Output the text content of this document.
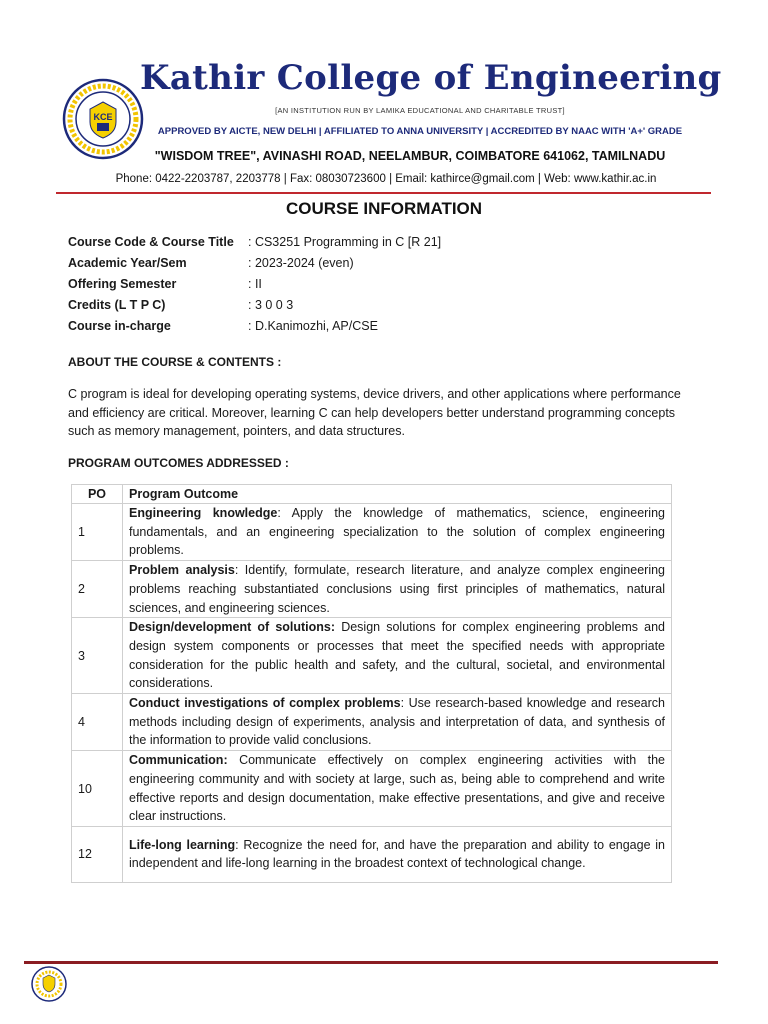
KCE
Kathir College of Engineering
[AN INSTITUTION RUN BY LAMIKA EDUCATIONAL AND CHARITABLE TRUST]
APPROVED BY AICTE, NEW DELHI | AFFILIATED TO ANNA UNIVERSITY | ACCREDITED BY NAAC WITH 'A+' GRADE
"WISDOM TREE", AVINASHI ROAD, NEELAMBUR, COIMBATORE 641062, TAMILNADU
Phone: 0422-2203787, 2203778 | Fax: 08030723600 | Email: kathirce@gmail.com | Web: www.kathir.ac.in
COURSE INFORMATION
Course Code & Course Title	: CS3251 Programming in C [R 21]
Academic Year/Sem	: 2023-2024 (even)
Offering Semester	: II
Credits (L T P C)	: 3 0 0 3
Course in-charge	: D.Kanimozhi, AP/CSE
ABOUT THE COURSE & CONTENTS :
C program is ideal for developing operating systems, device drivers, and other applications where performance and efficiency are critical. Moreover, learning C can help developers better understand programming concepts such as memory management, pointers, and data structures.
PROGRAM OUTCOMES ADDRESSED :
PO	Program Outcome
1	Engineering knowledge: Apply the knowledge of mathematics, science, engineering fundamentals, and an engineering specialization to the solution of complex engineering problems.
2	Problem analysis: Identify, formulate, research literature, and analyze complex engineering problems reaching substantiated conclusions using first principles of mathematics, natural sciences, and engineering sciences.
3	Design/development of solutions: Design solutions for complex engineering problems and design system components or processes that meet the specified needs with appropriate consideration for the public health and safety, and the cultural, societal, and environmental considerations.
4	Conduct investigations of complex problems: Use research-based knowledge and research methods including design of experiments, analysis and interpretation of data, and synthesis of the information to provide valid conclusions.
10	Communication: Communicate effectively on complex engineering activities with the engineering community and with society at large, such as, being able to comprehend and write effective reports and design documentation, make effective presentations, and give and receive clear instructions.
12	Life-long learning: Recognize the need for, and have the preparation and ability to engage in independent and life-long learning in the broadest context of technological change.
